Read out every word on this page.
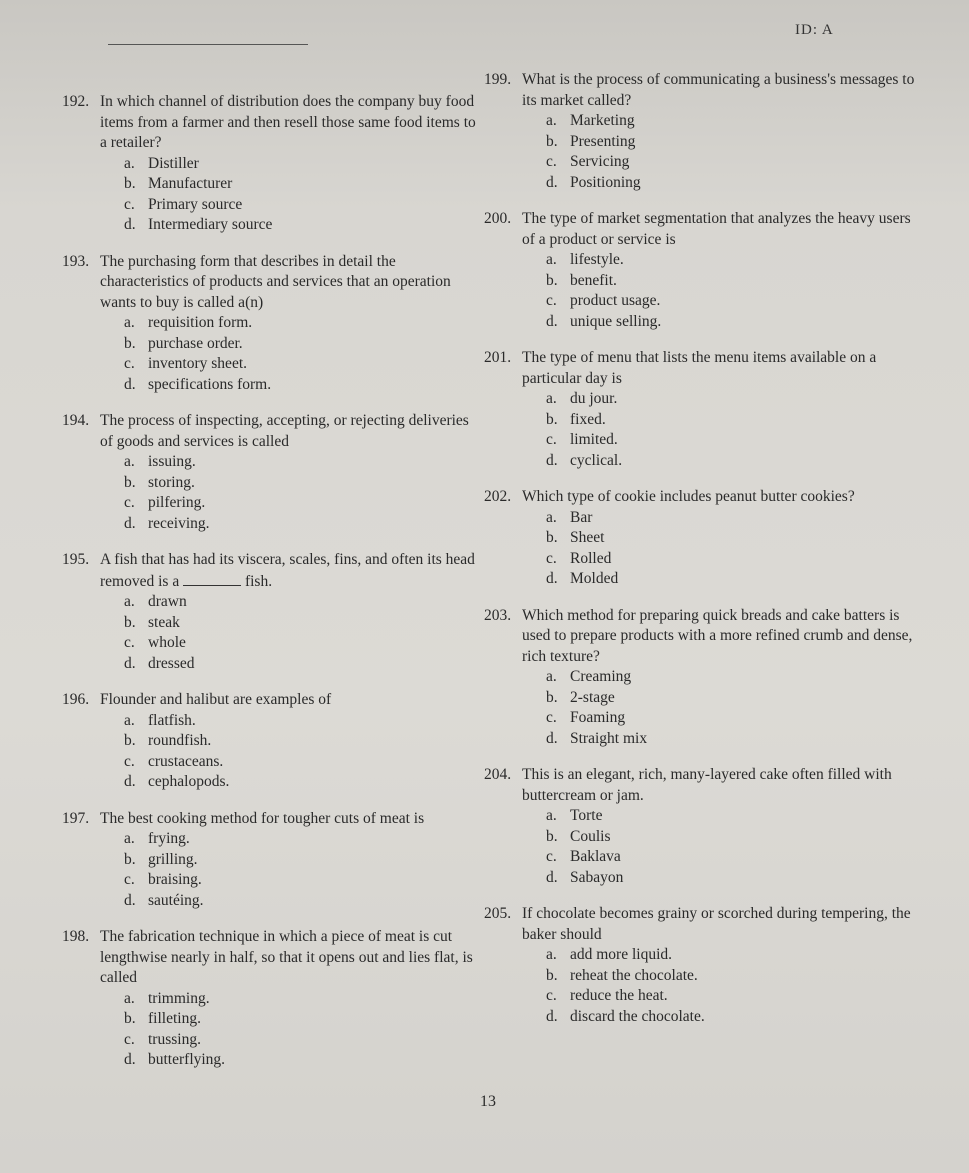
ID: A
192. In which channel of distribution does the company buy food items from a farmer and then resell those same food items to a retailer?
a. Distiller
b. Manufacturer
c. Primary source
d. Intermediary source
193. The purchasing form that describes in detail the characteristics of products and services that an operation wants to buy is called a(n)
a. requisition form.
b. purchase order.
c. inventory sheet.
d. specifications form.
194. The process of inspecting, accepting, or rejecting deliveries of goods and services is called
a. issuing.
b. storing.
c. pilfering.
d. receiving.
195. A fish that has had its viscera, scales, fins, and often its head removed is a	fish.
a. drawn
b. steak
c. whole
d. dressed
196. Flounder and halibut are examples of
a. flatfish.
b. roundfish.
c. crustaceans.
d. cephalopods.
197. The best cooking method for tougher cuts of meat is
a. frying.
b. grilling.
c. braising.
d. sautéing.
198. The fabrication technique in which a piece of meat is cut lengthwise nearly in half, so that it opens out and lies flat, is called
a. trimming.
b. filleting.
c. trussing.
d. butterflying.
199. What is the process of communicating a business's messages to its market called?
a. Marketing
b. Presenting
c. Servicing
d. Positioning
200. The type of market segmentation that analyzes the heavy users of a product or service is
a. lifestyle.
b. benefit.
c. product usage.
d. unique selling.
201. The type of menu that lists the menu items available on a particular day is
a. du jour.
b. fixed.
c. limited.
d. cyclical.
202. Which type of cookie includes peanut butter cookies?
a. Bar
b. Sheet
c. Rolled
d. Molded
203. Which method for preparing quick breads and cake batters is used to prepare products with a more refined crumb and dense, rich texture?
a. Creaming
b. 2-stage
c. Foaming
d. Straight mix
204. This is an elegant, rich, many-layered cake often filled with buttercream or jam.
a. Torte
b. Coulis
c. Baklava
d. Sabayon
205. If chocolate becomes grainy or scorched during tempering, the baker should
a. add more liquid.
b. reheat the chocolate.
c. reduce the heat.
d. discard the chocolate.
13
